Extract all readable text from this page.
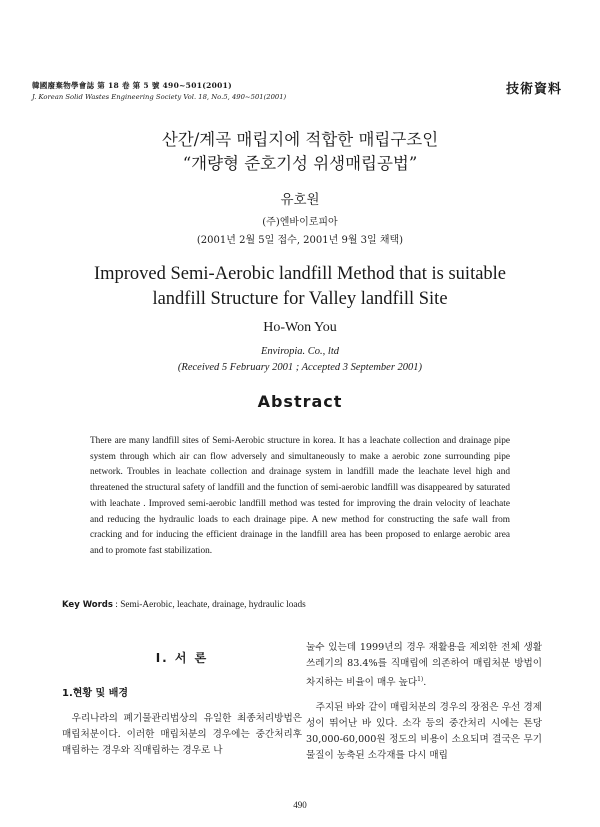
韓國廢棄物學會誌 第 18 卷 第 5 號 490~501(2001)
J. Korean Solid Wastes Engineering Society Vol. 18, No.5, 490~501(2001)	技術資料
산간/계곡 매립지에 적합한 매립구조인
“개량형 준호기성 위생매립공법”
유호원
(주)엔바이로피아
(2001년 2월 5일 접수, 2001년 9월 3일 채택)
Improved Semi-Aerobic landfill Method that is suitable
landfill Structure for Valley landfill Site
Ho-Won You
Enviropia. Co., ltd
(Received 5 February 2001 ; Accepted 3 September 2001)
Abstract
There are many landfill sites of Semi-Aerobic structure in korea. It has a leachate collection and drainage pipe system through which air can flow adversely and simultaneously to make a aerobic zone surrounding pipe network. Troubles in leachate collection and drainage system in landfill made the leachate level high and threatened the structural safety of landfill and the function of semi-aerobic landfill was disappeared by saturated with leachate . Improved semi-aerobic landfill method was tested for improving the drain velocity of leachate and reducing the hydraulic loads to each drainage pipe. A new method for constructing the safe wall from cracking and for inducing the efficient drainage in the landfill area has been proposed to enlarge aerobic area and to promote fast stabilization.
Key Words : Semi-Aerobic, leachate, drainage, hydraulic loads
Ⅰ. 서 론
1.현황 및 배경
우리나라의 폐기물관리법상의 유일한 최종처리방법은 매립처분이다. 이러한 매립처분의 경우에는 중간처리후 매립하는 경우와 직매립하는 경우로 나
눌수 있는데 1999년의 경우 재활용을 제외한 전체 생활쓰레기의 83.4%를 직매립에 의존하여 매립처분 방법이 차지하는 비율이 매우 높다$^{1)}$.
주지된 바와 같이 매립처분의 경우의 장점은 우선 경제성이 뛰어난 바 있다. 소각 등의 중간처리 시에는 톤당 30,000-60,000원 정도의 비용이 소요되며 결국은 무기물질이 농축된 소각재를 다시 매립
490
